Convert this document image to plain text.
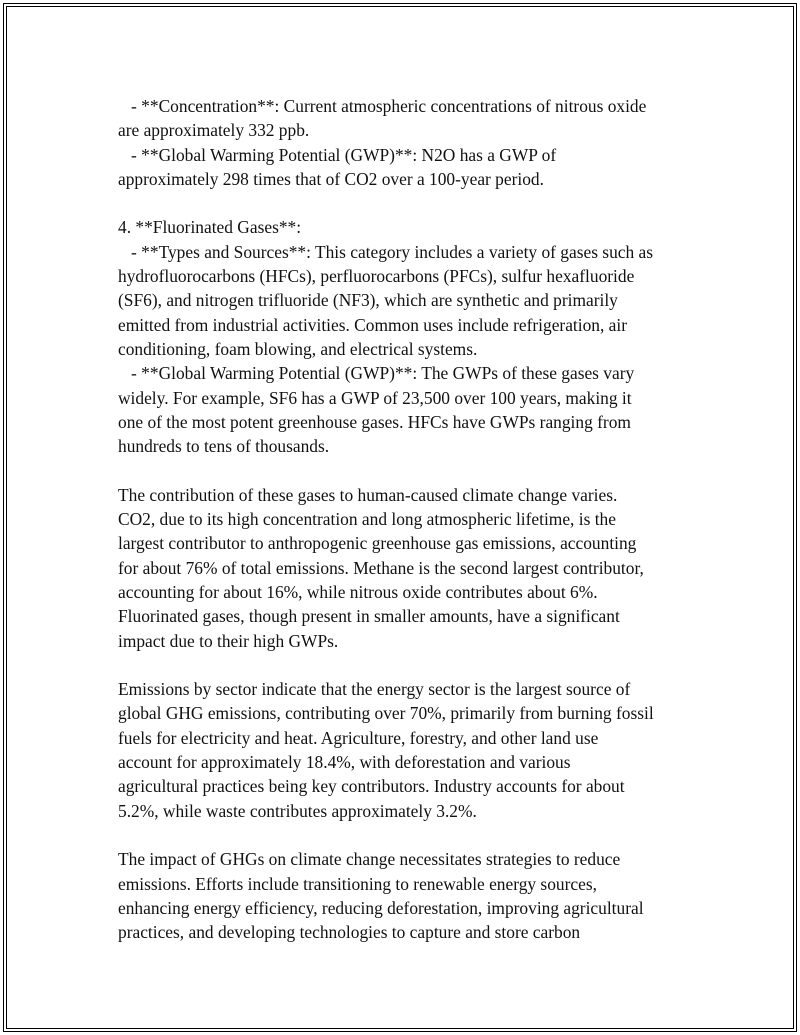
- **Concentration**: Current atmospheric concentrations of nitrous oxide
are approximately 332 ppb.
- **Global Warming Potential (GWP)**: N2O has a GWP of
approximately 298 times that of CO2 over a 100-year period.
4. **Fluorinated Gases**:
- **Types and Sources**: This category includes a variety of gases such as
hydrofluorocarbons (HFCs), perfluorocarbons (PFCs), sulfur hexafluoride
(SF6), and nitrogen trifluoride (NF3), which are synthetic and primarily
emitted from industrial activities. Common uses include refrigeration, air
conditioning, foam blowing, and electrical systems.
- **Global Warming Potential (GWP)**: The GWPs of these gases vary
widely. For example, SF6 has a GWP of 23,500 over 100 years, making it
one of the most potent greenhouse gases. HFCs have GWPs ranging from
hundreds to tens of thousands.
The contribution of these gases to human-caused climate change varies.
CO2, due to its high concentration and long atmospheric lifetime, is the
largest contributor to anthropogenic greenhouse gas emissions, accounting
for about 76% of total emissions. Methane is the second largest contributor,
accounting for about 16%, while nitrous oxide contributes about 6%.
Fluorinated gases, though present in smaller amounts, have a significant
impact due to their high GWPs.
Emissions by sector indicate that the energy sector is the largest source of
global GHG emissions, contributing over 70%, primarily from burning fossil
fuels for electricity and heat. Agriculture, forestry, and other land use
account for approximately 18.4%, with deforestation and various
agricultural practices being key contributors. Industry accounts for about
5.2%, while waste contributes approximately 3.2%.
The impact of GHGs on climate change necessitates strategies to reduce
emissions. Efforts include transitioning to renewable energy sources,
enhancing energy efficiency, reducing deforestation, improving agricultural
practices, and developing technologies to capture and store carbon
